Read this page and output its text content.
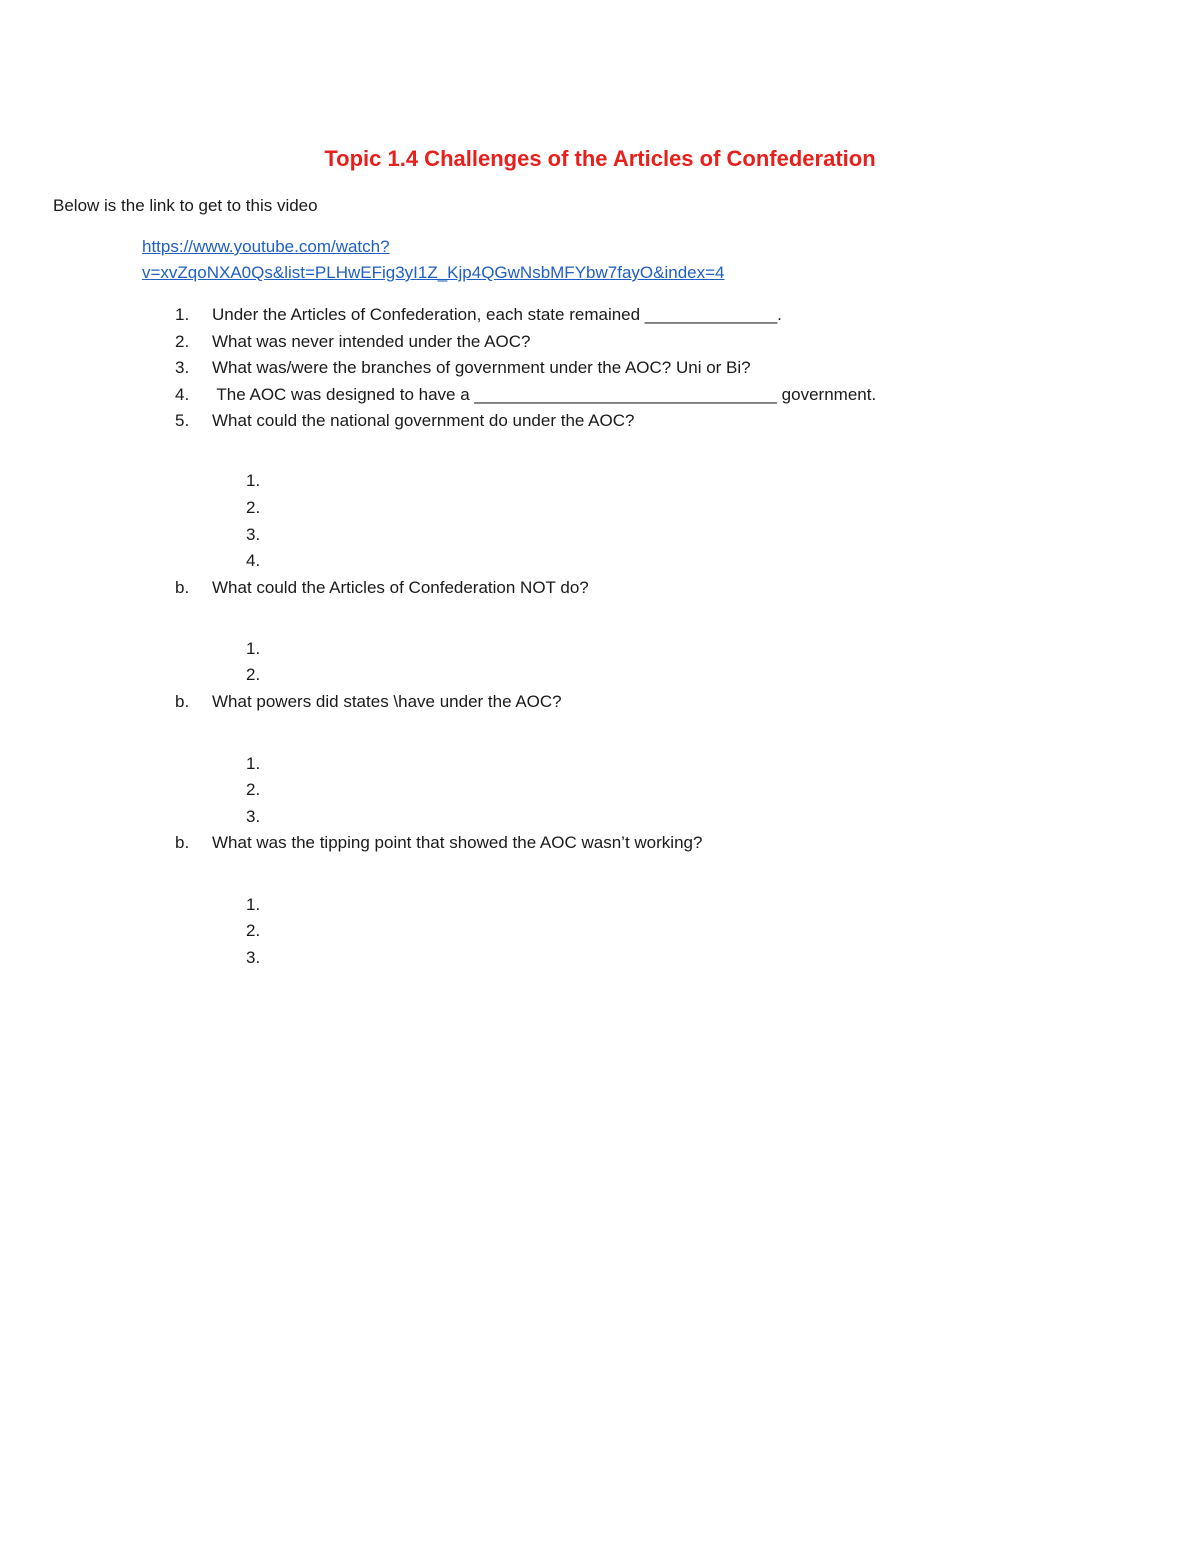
Topic 1.4 Challenges of the Articles of Confederation
Below is the link to get to this video
https://www.youtube.com/watch?
v=xvZqoNXA0Qs&list=PLHwEFig3yI1Z_Kjp4QGwNsbMFYbw7fayO&index=4
1. Under the Articles of Confederation, each state remained ______________.
2. What was never intended under the AOC?
3. What was/were the branches of government under the AOC? Uni or Bi?
4. The AOC was designed to have a ________________________________ government.
5. What could the national government do under the AOC?
1.
2.
3.
4.
b. What could the Articles of Confederation NOT do?
1.
2.
b. What powers did states \have under the AOC?
1.
2.
3.
b. What was the tipping point that showed the AOC wasn’t working?
1.
2.
3.
